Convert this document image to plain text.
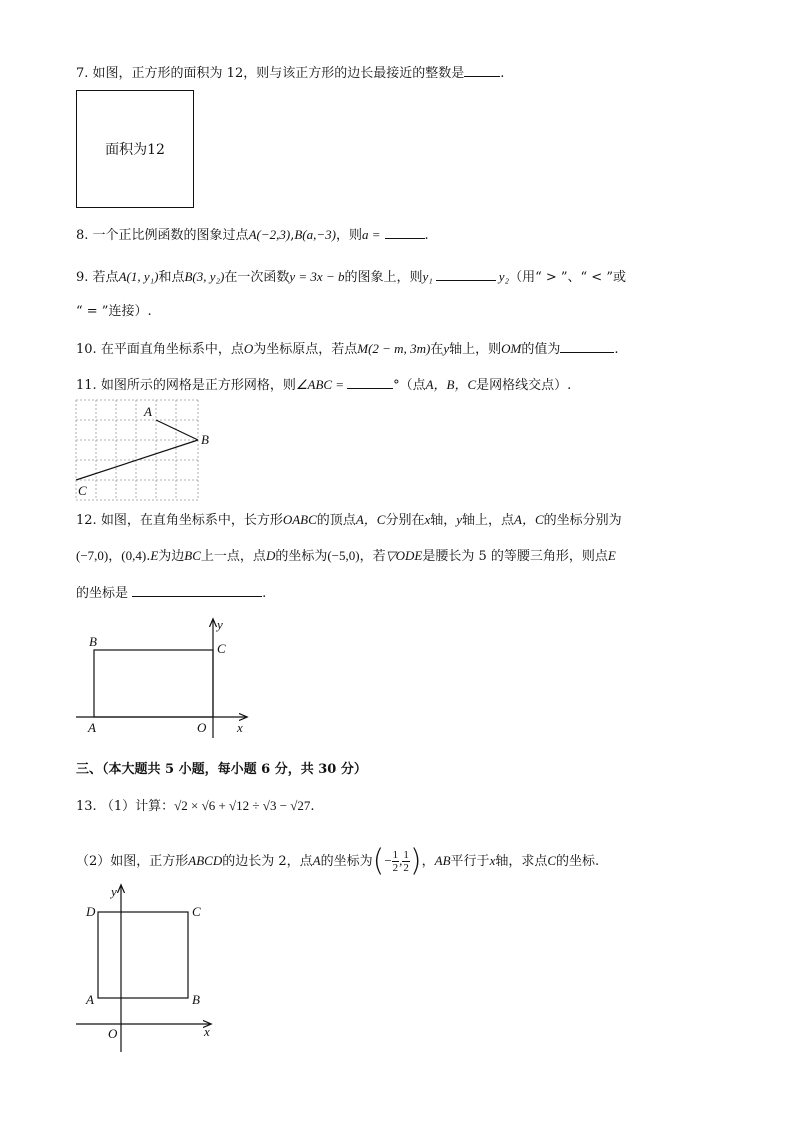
7. 如图，正方形的面积为 12，则与该正方形的边长最接近的整数是	.
面积为12
8. 一个正比例函数的图象过点A(−2,3),B(a,−3)，则a =	.
9. 若点A(1, y₁)和点B(3, y₂)在一次函数y = 3x − b的图象上，则y₁	y₂（用“ > ”、“ < ”或
“ = ”连接）.
10. 在平面直角坐标系中，点O为坐标原点，若点M(2 − m, 3m)在y轴上，则OM的值为	.
11. 如图所示的网格是正方形网格，则∠ABC =	°（点A，B，C是网格线交点）.
A
B
C
12. 如图，在直角坐标系中，长方形OABC的顶点A，C分别在x轴，y轴上，点A，C的坐标分别为
(−7,0)，(0,4).E为边BC上一点，点D的坐标为(−5,0)，若▽ODE是腰长为 5 的等腰三角形，则点E
的坐标是	.
B	C
A	O x
y
三、（本大题共 5 小题，每小题 6 分，共 30 分）
13. （1）计算：√2 × √6 + √12 ÷ √3 − √27.
（2）如图，正方形ABCD的边长为 2，点A的坐标为(− $\frac{1}{2}$ , $\frac{1}{2}$ )，AB平行于x轴，求点C的坐标.
D	C
A	B
O	x
y
